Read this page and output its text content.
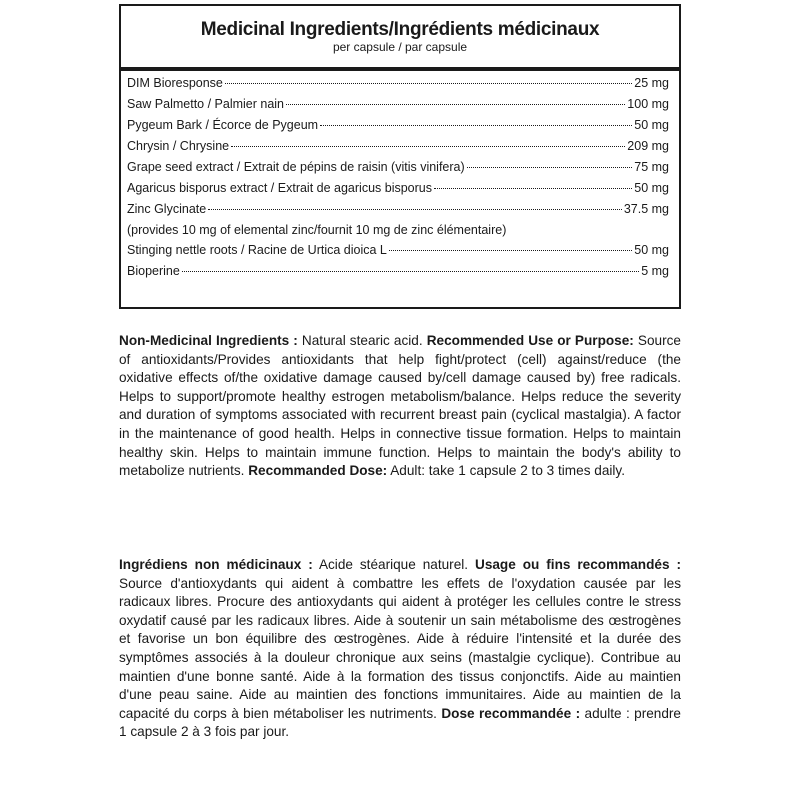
Medicinal Ingredients/Ingrédients médicinaux
per capsule / par capsule
DIM Bioresponse	25 mg
Saw Palmetto / Palmier nain	100 mg
Pygeum Bark / Écorce de Pygeum	50 mg
Chrysin / Chrysine	209 mg
Grape seed extract / Extrait de pépins de raisin (vitis vinifera)	75 mg
Agaricus bisporus extract / Extrait de agaricus bisporus	50 mg
Zinc Glycinate	37.5 mg
(provides 10 mg of elemental zinc/fournit 10 mg de zinc élémentaire)
Stinging nettle roots / Racine de Urtica dioica L	50 mg
Bioperine	5 mg

Non-Medicinal Ingredients : Natural stearic acid. Recommended Use or Purpose: Source of antioxidants/Provides antioxidants that help fight/protect (cell) against/reduce (the oxidative effects of/the oxidative damage caused by/cell damage caused by) free radicals. Helps to support/promote healthy estrogen metabolism/balance. Helps reduce the severity and duration of symptoms associated with recurrent breast pain (cyclical mastalgia). A factor in the maintenance of good health. Helps in connective tissue formation. Helps to maintain healthy skin. Helps to maintain immune function. Helps to maintain the body's ability to metabolize nutrients. Recommanded Dose: Adult: take 1 capsule 2 to 3 times daily.

Ingrédiens non médicinaux : Acide stéarique naturel. Usage ou fins recommandés : Source d'antioxydants qui aident à combattre les effets de l'oxydation causée par les radicaux libres. Procure des antioxydants qui aident à protéger les cellules contre le stress oxydatif causé par les radicaux libres. Aide à soutenir un sain métabolisme des œstrogènes et favorise un bon équilibre des œstrogènes. Aide à réduire l'intensité et la durée des symptômes associés à la douleur chronique aux seins (mastalgie cyclique). Contribue au maintien d'une bonne santé. Aide à la formation des tissus conjonctifs. Aide au maintien d'une peau saine. Aide au maintien des fonctions immunitaires. Aide au maintien de la capacité du corps à bien métaboliser les nutriments. Dose recommandée : adulte : prendre 1 capsule 2 à 3 fois par jour.
